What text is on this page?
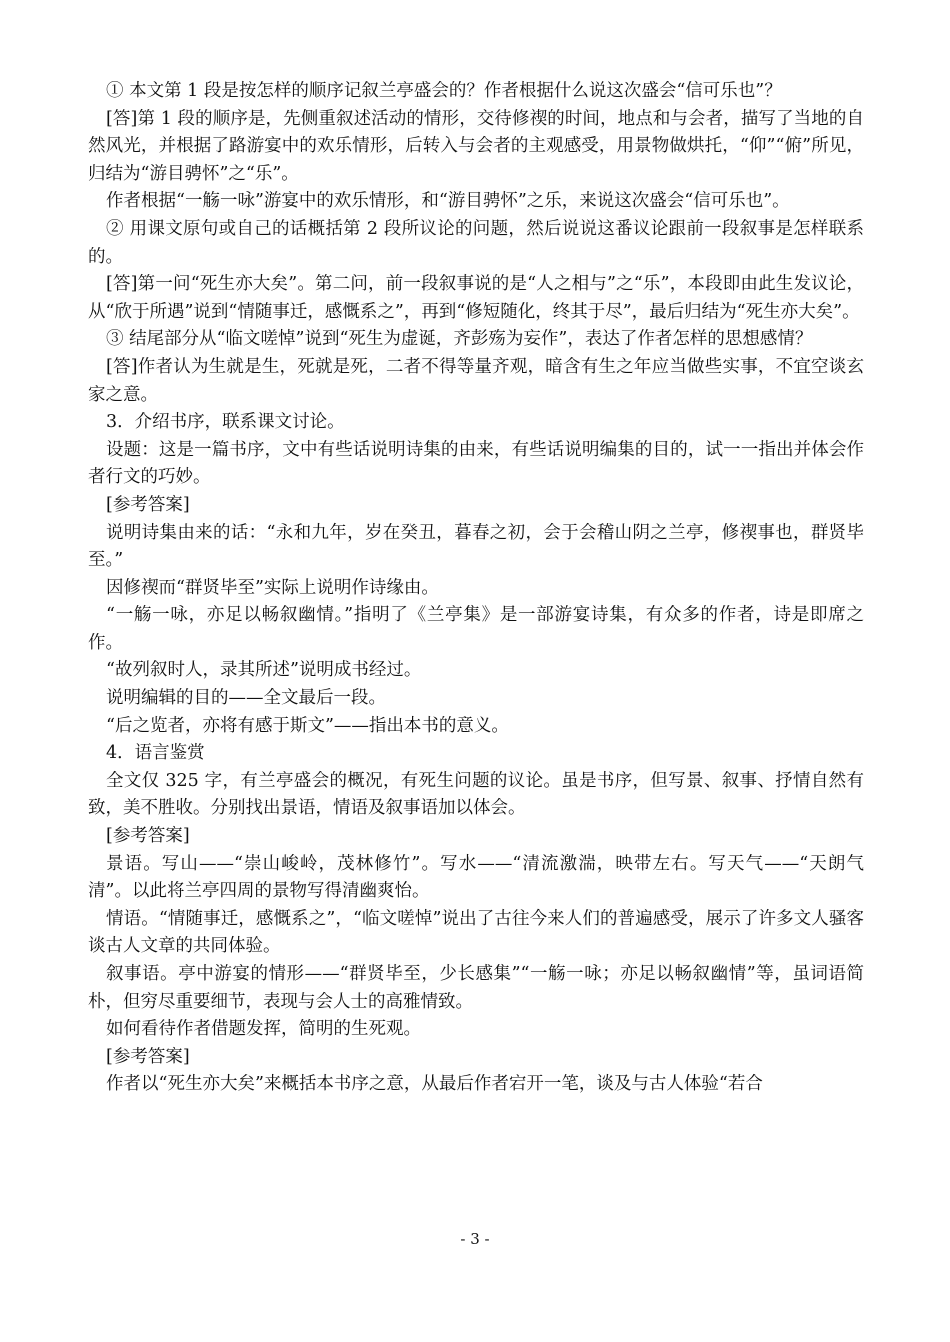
① 本文第 1 段是按怎样的顺序记叙兰亭盛会的？作者根据什么说这次盛会“信可乐也”？

[答]第 1 段的顺序是，先侧重叙述活动的情形，交待修禊的时间，地点和与会者，描写了当地的自然风光，并根据了路游宴中的欢乐情形，后转入与会者的主观感受，用景物做烘托，“仰”“俯”所见，归结为“游目骋怀”之“乐”。

作者根据“一觞一咏”游宴中的欢乐情形，和“游目骋怀”之乐，来说这次盛会“信可乐也”。

② 用课文原句或自己的话概括第 2 段所议论的问题，然后说说这番议论跟前一段叙事是怎样联系的。

[答]第一问“死生亦大矣”。第二问，前一段叙事说的是“人之相与”之“乐”，本段即由此生发议论，从“欣于所遇”说到“情随事迁，感慨系之”，再到“修短随化，终其于尽”，最后归结为“死生亦大矣”。

③ 结尾部分从“临文嗟悼”说到“死生为虚诞，齐彭殇为妄作”，表达了作者怎样的思想感情？

[答]作者认为生就是生，死就是死，二者不得等量齐观，暗含有生之年应当做些实事，不宜空谈玄家之意。

3．介绍书序，联系课文讨论。

设题：这是一篇书序，文中有些话说明诗集的由来，有些话说明编集的目的，试一一指出并体会作者行文的巧妙。

[参考答案]

说明诗集由来的话：“永和九年，岁在癸丑，暮春之初，会于会稽山阴之兰亭，修禊事也，群贤毕至。”

因修禊而“群贤毕至”实际上说明作诗缘由。

“一觞一咏，亦足以畅叙幽情。”指明了《兰亭集》是一部游宴诗集，有众多的作者，诗是即席之作。

“故列叙时人，录其所述”说明成书经过。

说明编辑的目的——全文最后一段。

“后之览者，亦将有感于斯文”——指出本书的意义。

4．语言鉴赏

全文仅 325 字，有兰亭盛会的概况，有死生问题的议论。虽是书序，但写景、叙事、抒情自然有致，美不胜收。分别找出景语，情语及叙事语加以体会。

[参考答案]

景语。写山——“崇山峻岭，茂林修竹”。写水——“清流激湍，映带左右。写天气——“天朗气清”。以此将兰亭四周的景物写得清幽爽怡。

情语。“情随事迁，感慨系之”，“临文嗟悼”说出了古往今来人们的普遍感受，展示了许多文人骚客谈古人文章的共同体验。

叙事语。亭中游宴的情形——“群贤毕至，少长感集”“一觞一咏；亦足以畅叙幽情”等，虽词语简朴，但穷尽重要细节，表现与会人士的高雅情致。

如何看待作者借题发挥，简明的生死观。

[参考答案]

作者以“死生亦大矣”来概括本书序之意，从最后作者宕开一笔，谈及与古人体验“若合

- 3 -
